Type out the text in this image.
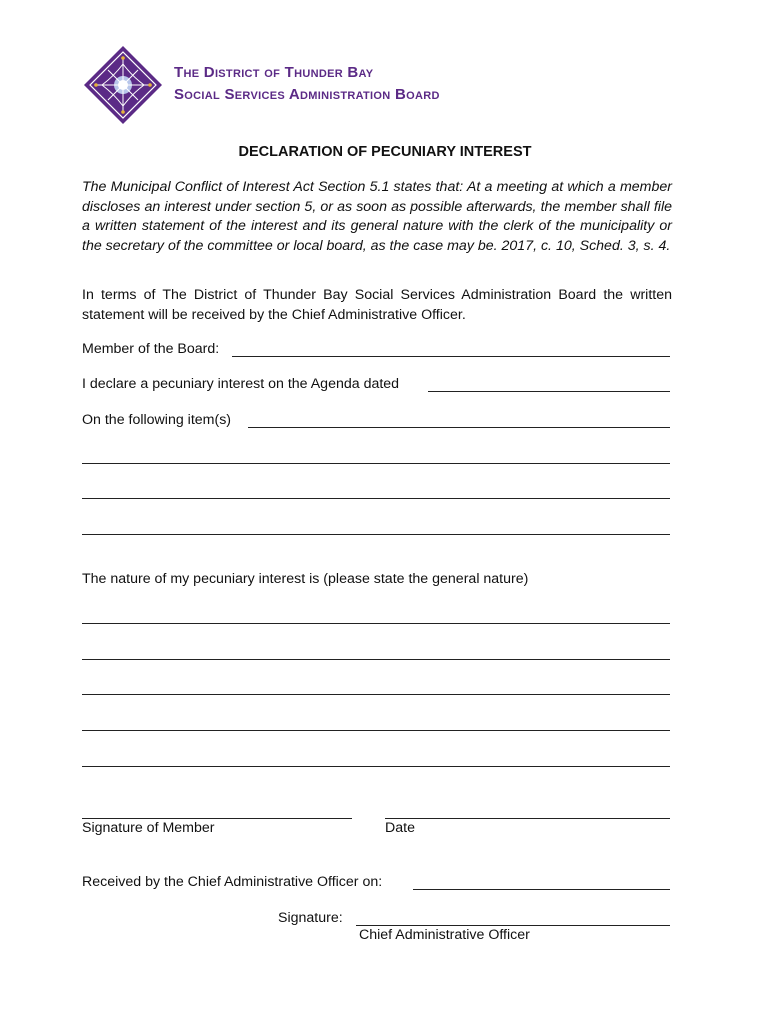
The District of Thunder Bay
Social Services Administration Board
DECLARATION OF PECUNIARY INTEREST
The Municipal Conflict of Interest Act Section 5.1 states that: At a meeting at which a member discloses an interest under section 5, or as soon as possible afterwards, the member shall file a written statement of the interest and its general nature with the clerk of the municipality or the secretary of the committee or local board, as the case may be. 2017, c. 10, Sched. 3, s. 4.
In terms of The District of Thunder Bay Social Services Administration Board the written statement will be received by the Chief Administrative Officer.
Member of the Board:
I declare a pecuniary interest on the Agenda dated
On the following item(s)
The nature of my pecuniary interest is (please state the general nature)
Signature of Member	Date
Received by the Chief Administrative Officer on:
Signature:
Chief Administrative Officer
